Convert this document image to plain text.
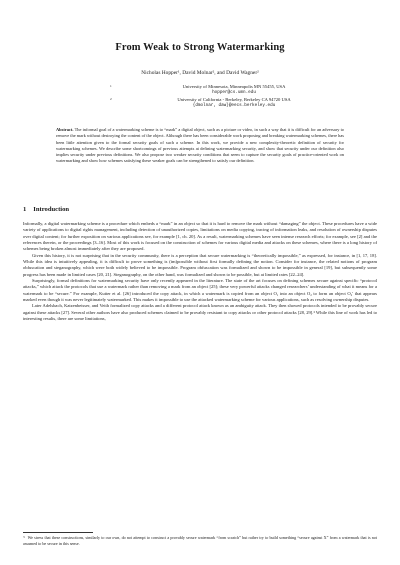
From Weak to Strong Watermarking
Nicholas Hopper¹, David Molnar², and David Wagner²
1	University of Minnesota, Minneapolis MN 55455, USA
hopper@cs.umn.edu
2	University of California - Berkeley, Berkeley CA 94720 USA
{dmolnar, daw}@eecs.berkeley.edu
Abstract. The informal goal of a watermarking scheme is to “mark” a digital object, such as a picture or video, in such a way that it is difficult for an adversary to remove the mark without destroying the content of the object. Although there has been considerable work proposing and breaking watermarking schemes, there has been little attention given to the formal security goals of such a scheme. In this work, we provide a new complexity-theoretic definition of security for watermarking schemes. We describe some shortcomings of previous attempts at defining watermarking security, and show that security under our definition also implies security under previous definitions. We also propose two weaker security conditions that seem to capture the security goals of practice-oriented work on watermarking and show how schemes satisfying these weaker goals can be strengthened to satisfy our definition.
1 Introduction

Informally, a digital watermarking scheme is a procedure which embeds a “mark” in an object so that it is hard to remove the mark without “damaging” the object. These procedures have a wide variety of applications to digital rights management, including detection of unauthorized copies, limitations on media copying, tracing of information leaks, and resolution of ownership disputes over digital content; for further exposition on various applications see, for example [1, ch. 20]. As a result, watermarking schemes have seen intense research efforts; for example, see [2] and the references therein, or the proceedings [3–16]. Most of this work is focused on the construction of schemes for various digital media and attacks on these schemes, where there is a long history of schemes being broken almost immediately after they are proposed.

Given this history, it is not surprising that in the security community, there is a perception that secure watermarking is “theoretically impossible,” as expressed, for instance, in [1, 17, 18]. While this idea is intuitively appealing, it is difficult to prove something is (im)possible without first formally defining the notion. Consider for instance, the related notions of program obfuscation and steganography, which were both widely believed to be impossible. Program obfuscation was formalized and shown to be impossible in general [19], but subsequently some progress has been made in limited cases [20, 21]. Steganography, on the other hand, was formalized and shown to be possible, but at limited rates [22–24].

Surprisingly, formal definitions for watermarking security have only recently appeared in the literature. The state of the art focuses on defining schemes secure against specific “protocol attacks,” which attack the protocols that use a watermark rather than removing a mark from an object [25]; these very powerful attacks changed researchers’ understanding of what it means for a watermark to be “secure.” For example, Kutter et al. [26] introduced the copy attack, in which a watermark is copied from an object O₁ into an object O₂ to form an object O₂′ that appears marked even though it was never legitimately watermarked. This makes it impossible to use the attacked watermarking scheme for various applications, such as resolving ownership disputes.

Later Adelsbach, Katzenbeisser, and Veith formalized copy attacks and a different protocol attack known as an ambiguity attack. They then showed protocols intended to be provably secure against these attacks [27]. Several other authors have also produced schemes claimed to be provably resistant to copy attacks or other protocol attacks [28, 29].³ While this line of work has led to interesting results, there are some limitations,

$^3$ We stress that these constructions, similarly to our own, do not attempt to construct a provably secure watermark “from scratch” but rather try to build something “secure against X” from a watermark that is not assumed to be secure in this sense.
